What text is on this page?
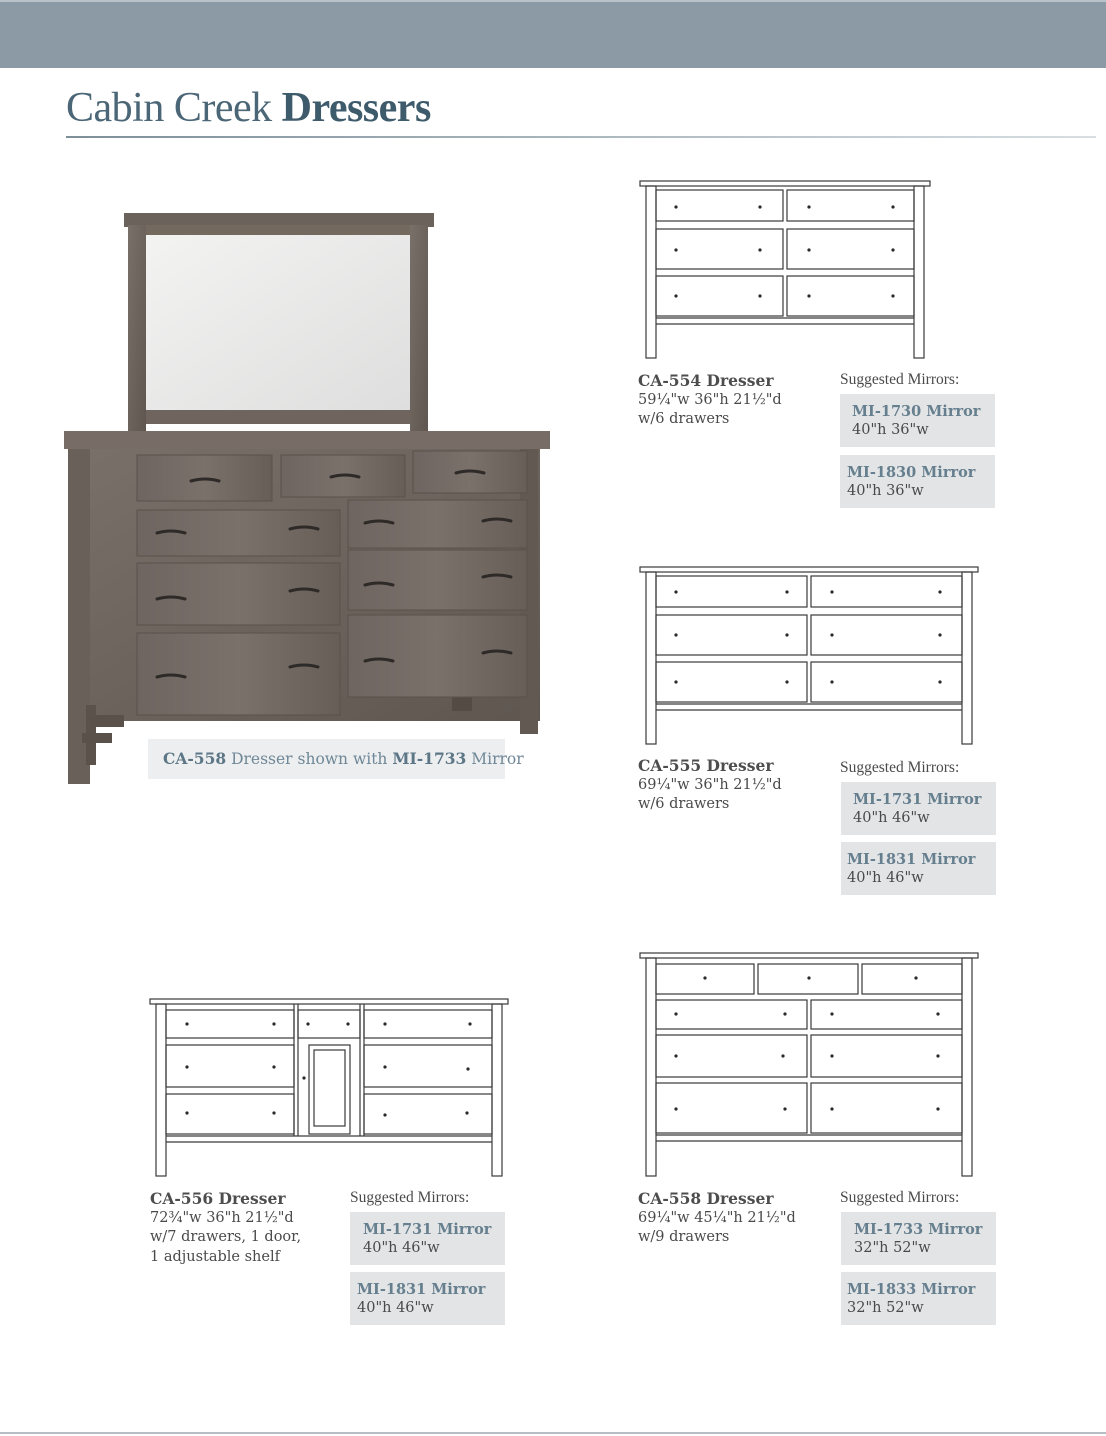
Cabin Creek Dressers
CA-558 Dresser shown with MI-1733 Mirror
CA-554 Dresser
59¼"w 36"h 21½"d
w/6 drawers
Suggested Mirrors:
MI-1730 Mirror
40"h 36"w
MI-1830 Mirror
40"h 36"w
CA-555 Dresser
69¼"w 36"h 21½"d
w/6 drawers
Suggested Mirrors:
MI-1731 Mirror
40"h 46"w
MI-1831 Mirror
40"h 46"w
CA-556 Dresser
72¾"w 36"h 21½"d
w/7 drawers, 1 door,
1 adjustable shelf
Suggested Mirrors:
MI-1731 Mirror
40"h 46"w
MI-1831 Mirror
40"h 46"w
CA-558 Dresser
69¼"w 45¼"h 21½"d
w/9 drawers
Suggested Mirrors:
MI-1733 Mirror
32"h 52"w
MI-1833 Mirror
32"h 52"w
